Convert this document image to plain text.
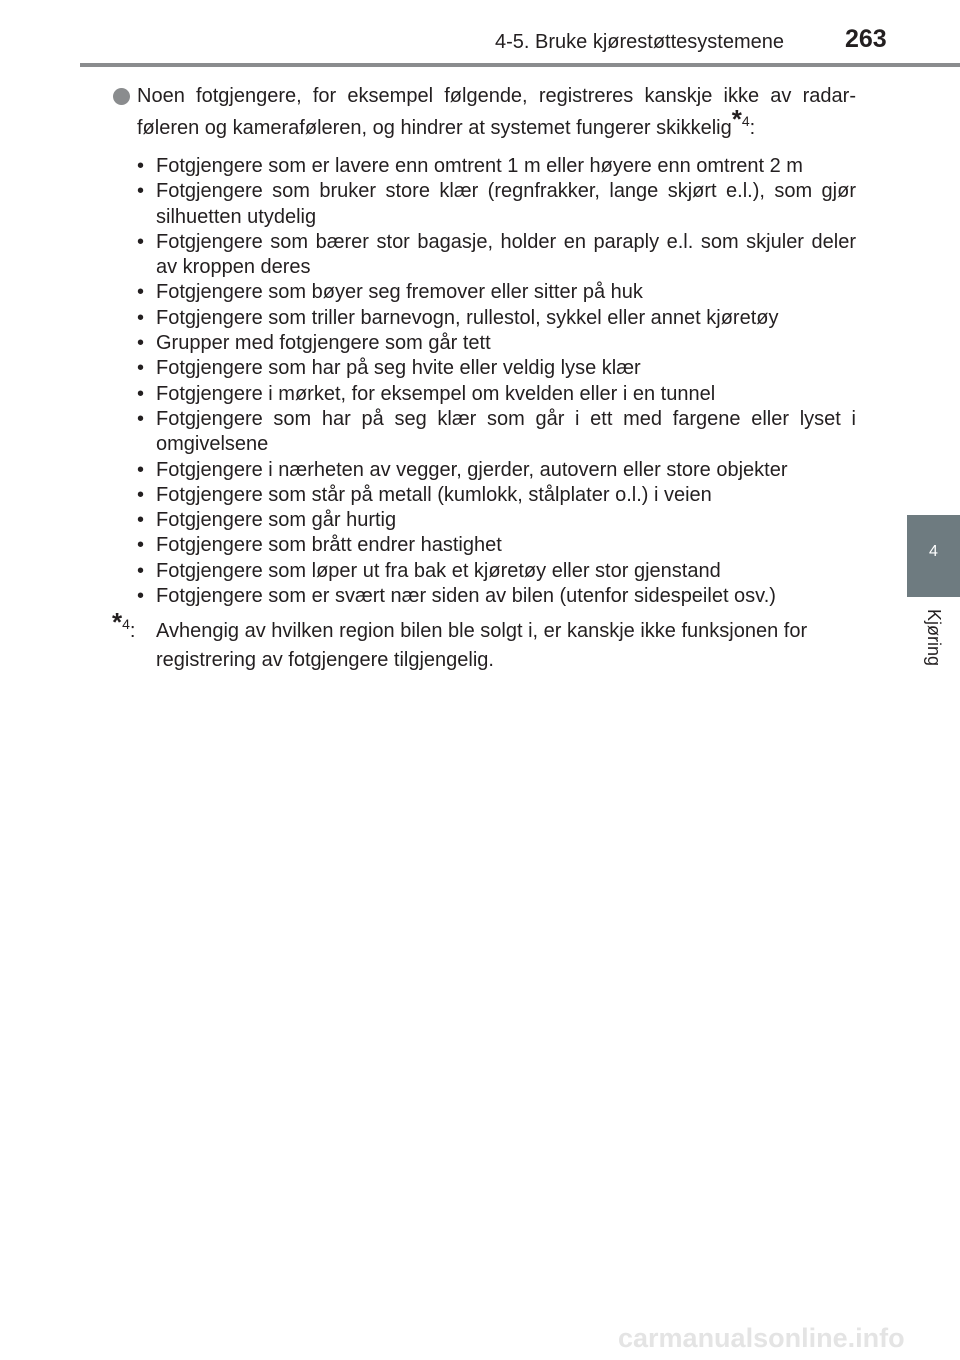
4-5. Bruke kjørestøttesystemene 263
4
Kjøring
Noen fotgjengere, for eksempel følgende, registreres kanskje ikke av radar-føleren og kameraføleren, og hindrer at systemet fungerer skikkelig*$^4$:
• Fotgjengere som er lavere enn omtrent 1 m eller høyere enn omtrent 2 m
• Fotgjengere som bruker store klær (regnfrakker, lange skjørt e.l.), som gjør silhuetten utydelig
• Fotgjengere som bærer stor bagasje, holder en paraply e.l. som skjuler deler av kroppen deres
• Fotgjengere som bøyer seg fremover eller sitter på huk
• Fotgjengere som triller barnevogn, rullestol, sykkel eller annet kjøretøy
• Grupper med fotgjengere som går tett
• Fotgjengere som har på seg hvite eller veldig lyse klær
• Fotgjengere i mørket, for eksempel om kvelden eller i en tunnel
• Fotgjengere som har på seg klær som går i ett med fargene eller lyset i omgivelsene
• Fotgjengere i nærheten av vegger, gjerder, autovern eller store objekter
• Fotgjengere som står på metall (kumlokk, stålplater o.l.) i veien
• Fotgjengere som går hurtig
• Fotgjengere som brått endrer hastighet
• Fotgjengere som løper ut fra bak et kjøretøy eller stor gjenstand
• Fotgjengere som er svært nær siden av bilen (utenfor sidespeilet osv.)
*$^4$: Avhengig av hvilken region bilen ble solgt i, er kanskje ikke funksjonen for registrering av fotgjengere tilgjengelig.
carmanualsonline.info
